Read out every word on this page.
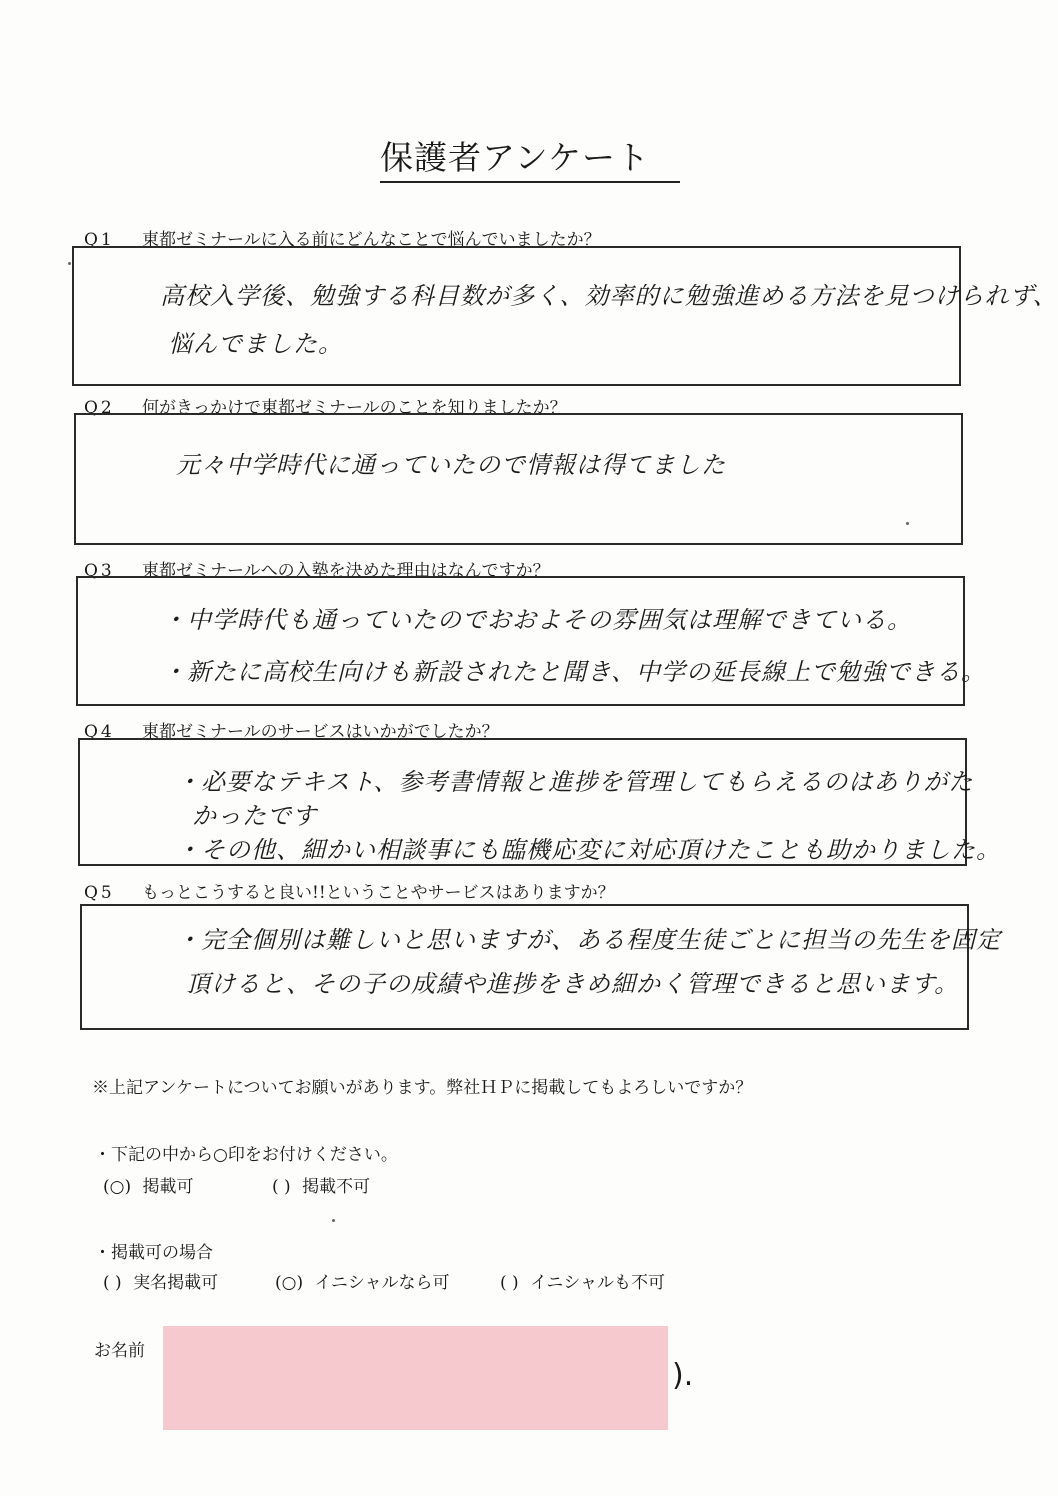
保護者アンケート
Q1 東都ゼミナールに入る前にどんなことで悩んでいましたか？
高校入学後、勉強する科目数が多く、効率的に勉強進める方法を見つけられず、
悩んでました。
Q2 何がきっかけで東都ゼミナールのことを知りましたか？
元々中学時代に通っていたので情報は得てました
Q3 東都ゼミナールへの入塾を決めた理由はなんですか？
・中学時代も通っていたのでおおよその雰囲気は理解できている。
・新たに高校生向けも新設されたと聞き、中学の延長線上で勉強できる。
Q4 東都ゼミナールのサービスはいかがでしたか？
・必要なテキスト、参考書情報と進捗を管理してもらえるのはありがた
かったです
・その他、細かい相談事にも臨機応変に対応頂けたことも助かりました。
Q5 もっとこうすると良い!!ということやサービスはありますか？
・完全個別は難しいと思いますが、ある程度生徒ごとに担当の先生を固定
頂けると、その子の成績や進捗をきめ細かく管理できると思います。
※上記アンケートについてお願いがあります。弊社ＨＰに掲載してもよろしいですか？
・下記の中から○印をお付けください。
(○) 掲載可	( ) 掲載不可
・掲載可の場合
( ) 実名掲載可	(○) イニシャルなら可	( ) イニシャルも不可
お名前
).
